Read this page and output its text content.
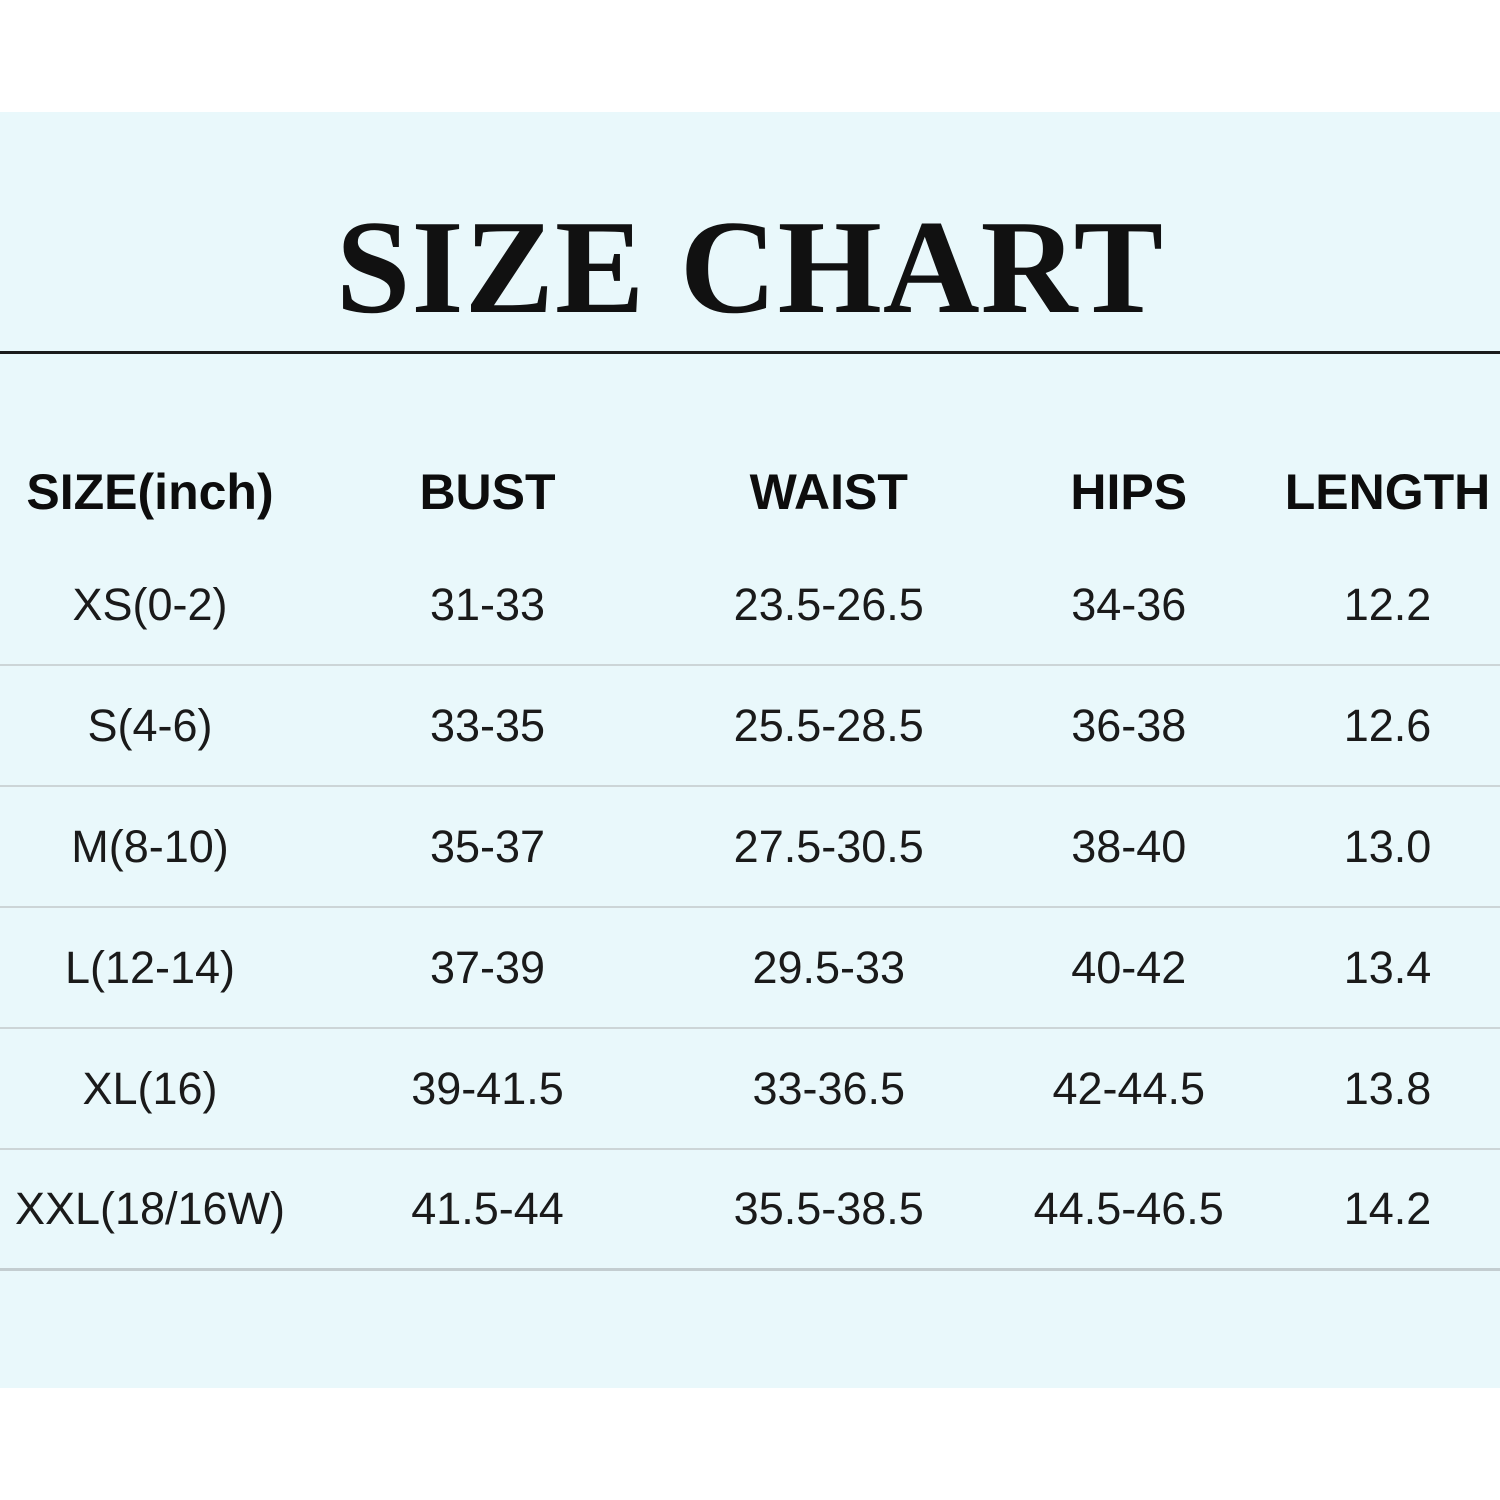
SIZE CHART
SIZE(inch)	BUST	WAIST	HIPS	LENGTH
XS(0-2)	31-33	23.5-26.5	34-36	12.2
S(4-6)	33-35	25.5-28.5	36-38	12.6
M(8-10)	35-37	27.5-30.5	38-40	13.0
L(12-14)	37-39	29.5-33	40-42	13.4
XL(16)	39-41.5	33-36.5	42-44.5	13.8
XXL(18/16W)	41.5-44	35.5-38.5	44.5-46.5	14.2
